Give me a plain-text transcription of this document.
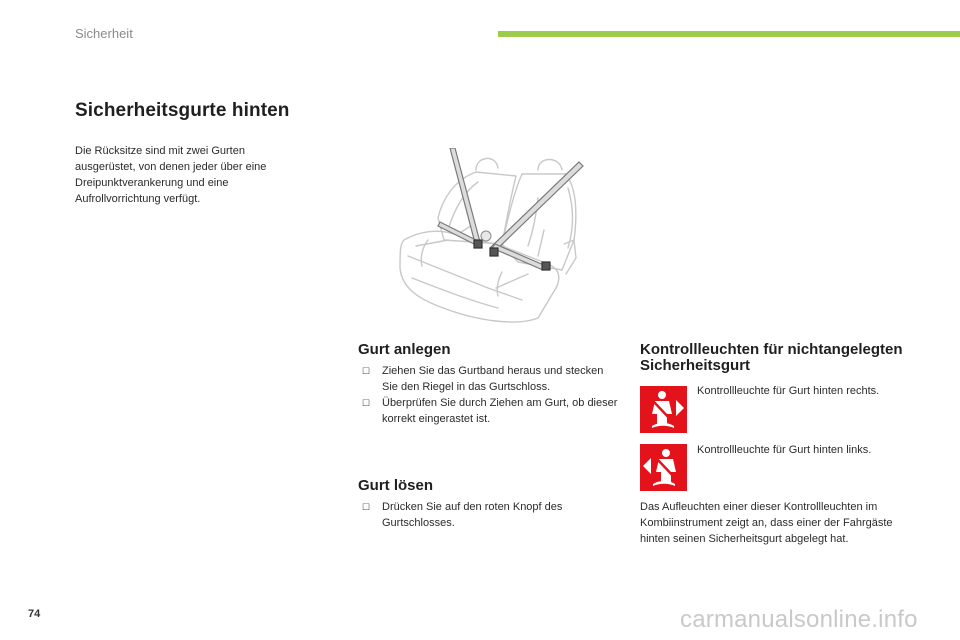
Sicherheit
Sicherheitsgurte hinten
Die Rücksitze sind mit zwei Gurten ausgerüstet, von denen jeder über eine Dreipunktverankerung und eine Aufrollvorrichtung verfügt.
Gurt anlegen
☐ Ziehen Sie das Gurtband heraus und stecken Sie den Riegel in das Gurtschloss.
☐ Überprüfen Sie durch Ziehen am Gurt, ob dieser korrekt eingerastet ist.
Gurt lösen
☐ Drücken Sie auf den roten Knopf des Gurtschlosses.
Kontrollleuchten für nichtangelegten Sicherheitsgurt
Kontrollleuchte für Gurt hinten rechts.
Kontrollleuchte für Gurt hinten links.
Das Aufleuchten einer dieser Kontrollleuchten im Kombiinstrument zeigt an, dass einer der Fahrgäste hinten seinen Sicherheitsgurt abgelegt hat.
74	carmanualsonline.info
